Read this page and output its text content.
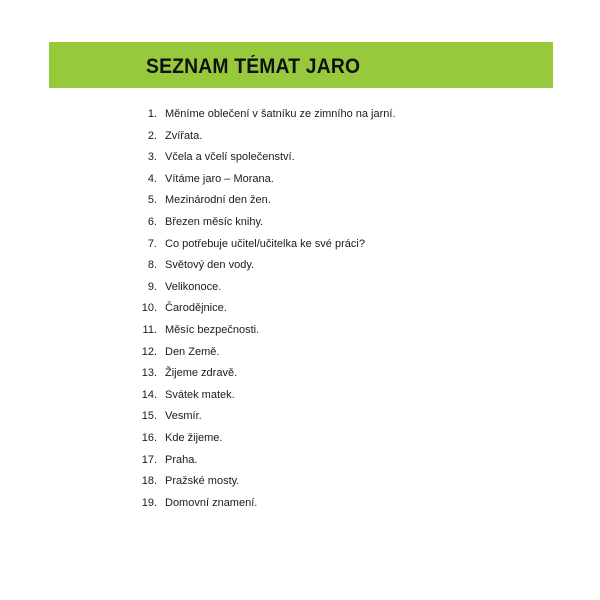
SEZNAM TÉMAT JARO
1. Měníme oblečení v šatníku ze zimního na jarní.
2. Zvířata.
3. Včela a včelí společenství.
4. Vítáme jaro – Morana.
5. Mezinárodní den žen.
6. Březen měsíc knihy.
7. Co potřebuje učitel/učitelka ke své práci?
8. Světový den vody.
9. Velikonoce.
10. Čarodějnice.
11. Měsíc bezpečnosti.
12. Den Země.
13. Žijeme zdravě.
14. Svátek matek.
15. Vesmír.
16. Kde žijeme.
17. Praha.
18. Pražské mosty.
19. Domovní znamení.
